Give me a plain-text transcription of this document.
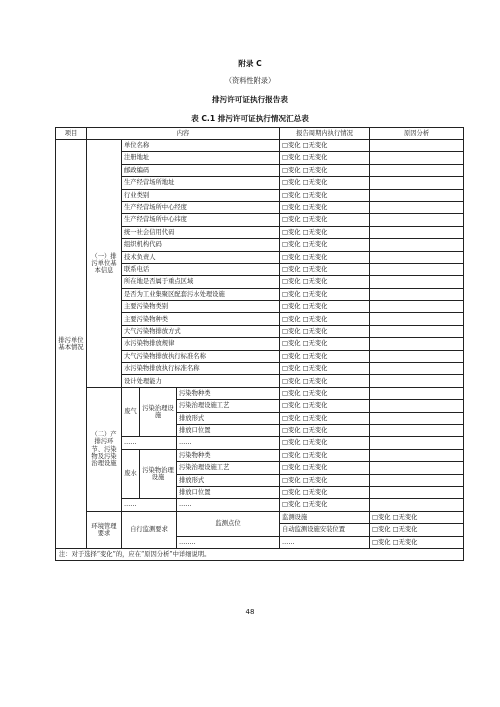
附录 C
（资料性附录）
排污许可证执行报告表
表 C.1 排污许可证执行情况汇总表
项目	内容				报告周期内执行情况	原因分析	
排污单位基本情况	（一）排污单位基本信息	单位名称			□变化 □无变化		
		注册地址			□变化 □无变化		
		邮政编码			□变化 □无变化		
		生产经营场所地址			□变化 □无变化		
		行业类别			□变化 □无变化		
		生产经营场所中心经度			□变化 □无变化		
		生产经营场所中心纬度			□变化 □无变化		
		统一社会信用代码			□变化 □无变化		
		组织机构代码			□变化 □无变化		
		技术负责人			□变化 □无变化		
		联系电话			□变化 □无变化		
		所在地是否属于重点区域			□变化 □无变化		
		是否为工业集聚区配套污水处理设施			□变化 □无变化		
		主要污染物类别			□变化 □无变化		
		主要污染物种类			□变化 □无变化		
		大气污染物排放方式			□变化 □无变化		
		水污染物排放规律			□变化 □无变化		
		大气污染物排放执行标准名称			□变化 □无变化		
		水污染物排放执行标准名称			□变化 □无变化		
		设计处理能力			□变化 □无变化		
	（二）产排污环节、污染物及污染治理设施	废气	污染治理设施	污染物种类	□变化 □无变化		
				污染治理设施工艺	□变化 □无变化		
				排放形式	□变化 □无变化		
				排放口位置	□变化 □无变化		
		……		……	□变化 □无变化		
		废水	污染物治理设施	污染物种类	□变化 □无变化		
				污染治理设施工艺	□变化 □无变化		
				排放形式	□变化 □无变化		
				排放口位置	□变化 □无变化		
		……		……	□变化 □无变化		
	环境管理要求	自行监测要求		监测点位	监测设施	□变化 □无变化	
					自动监测设施安装位置	□变化 □无变化	
				……..	……	□变化 □无变化	
注：对于选择“变化”的，应在“原因分析”中详细说明。							
48
